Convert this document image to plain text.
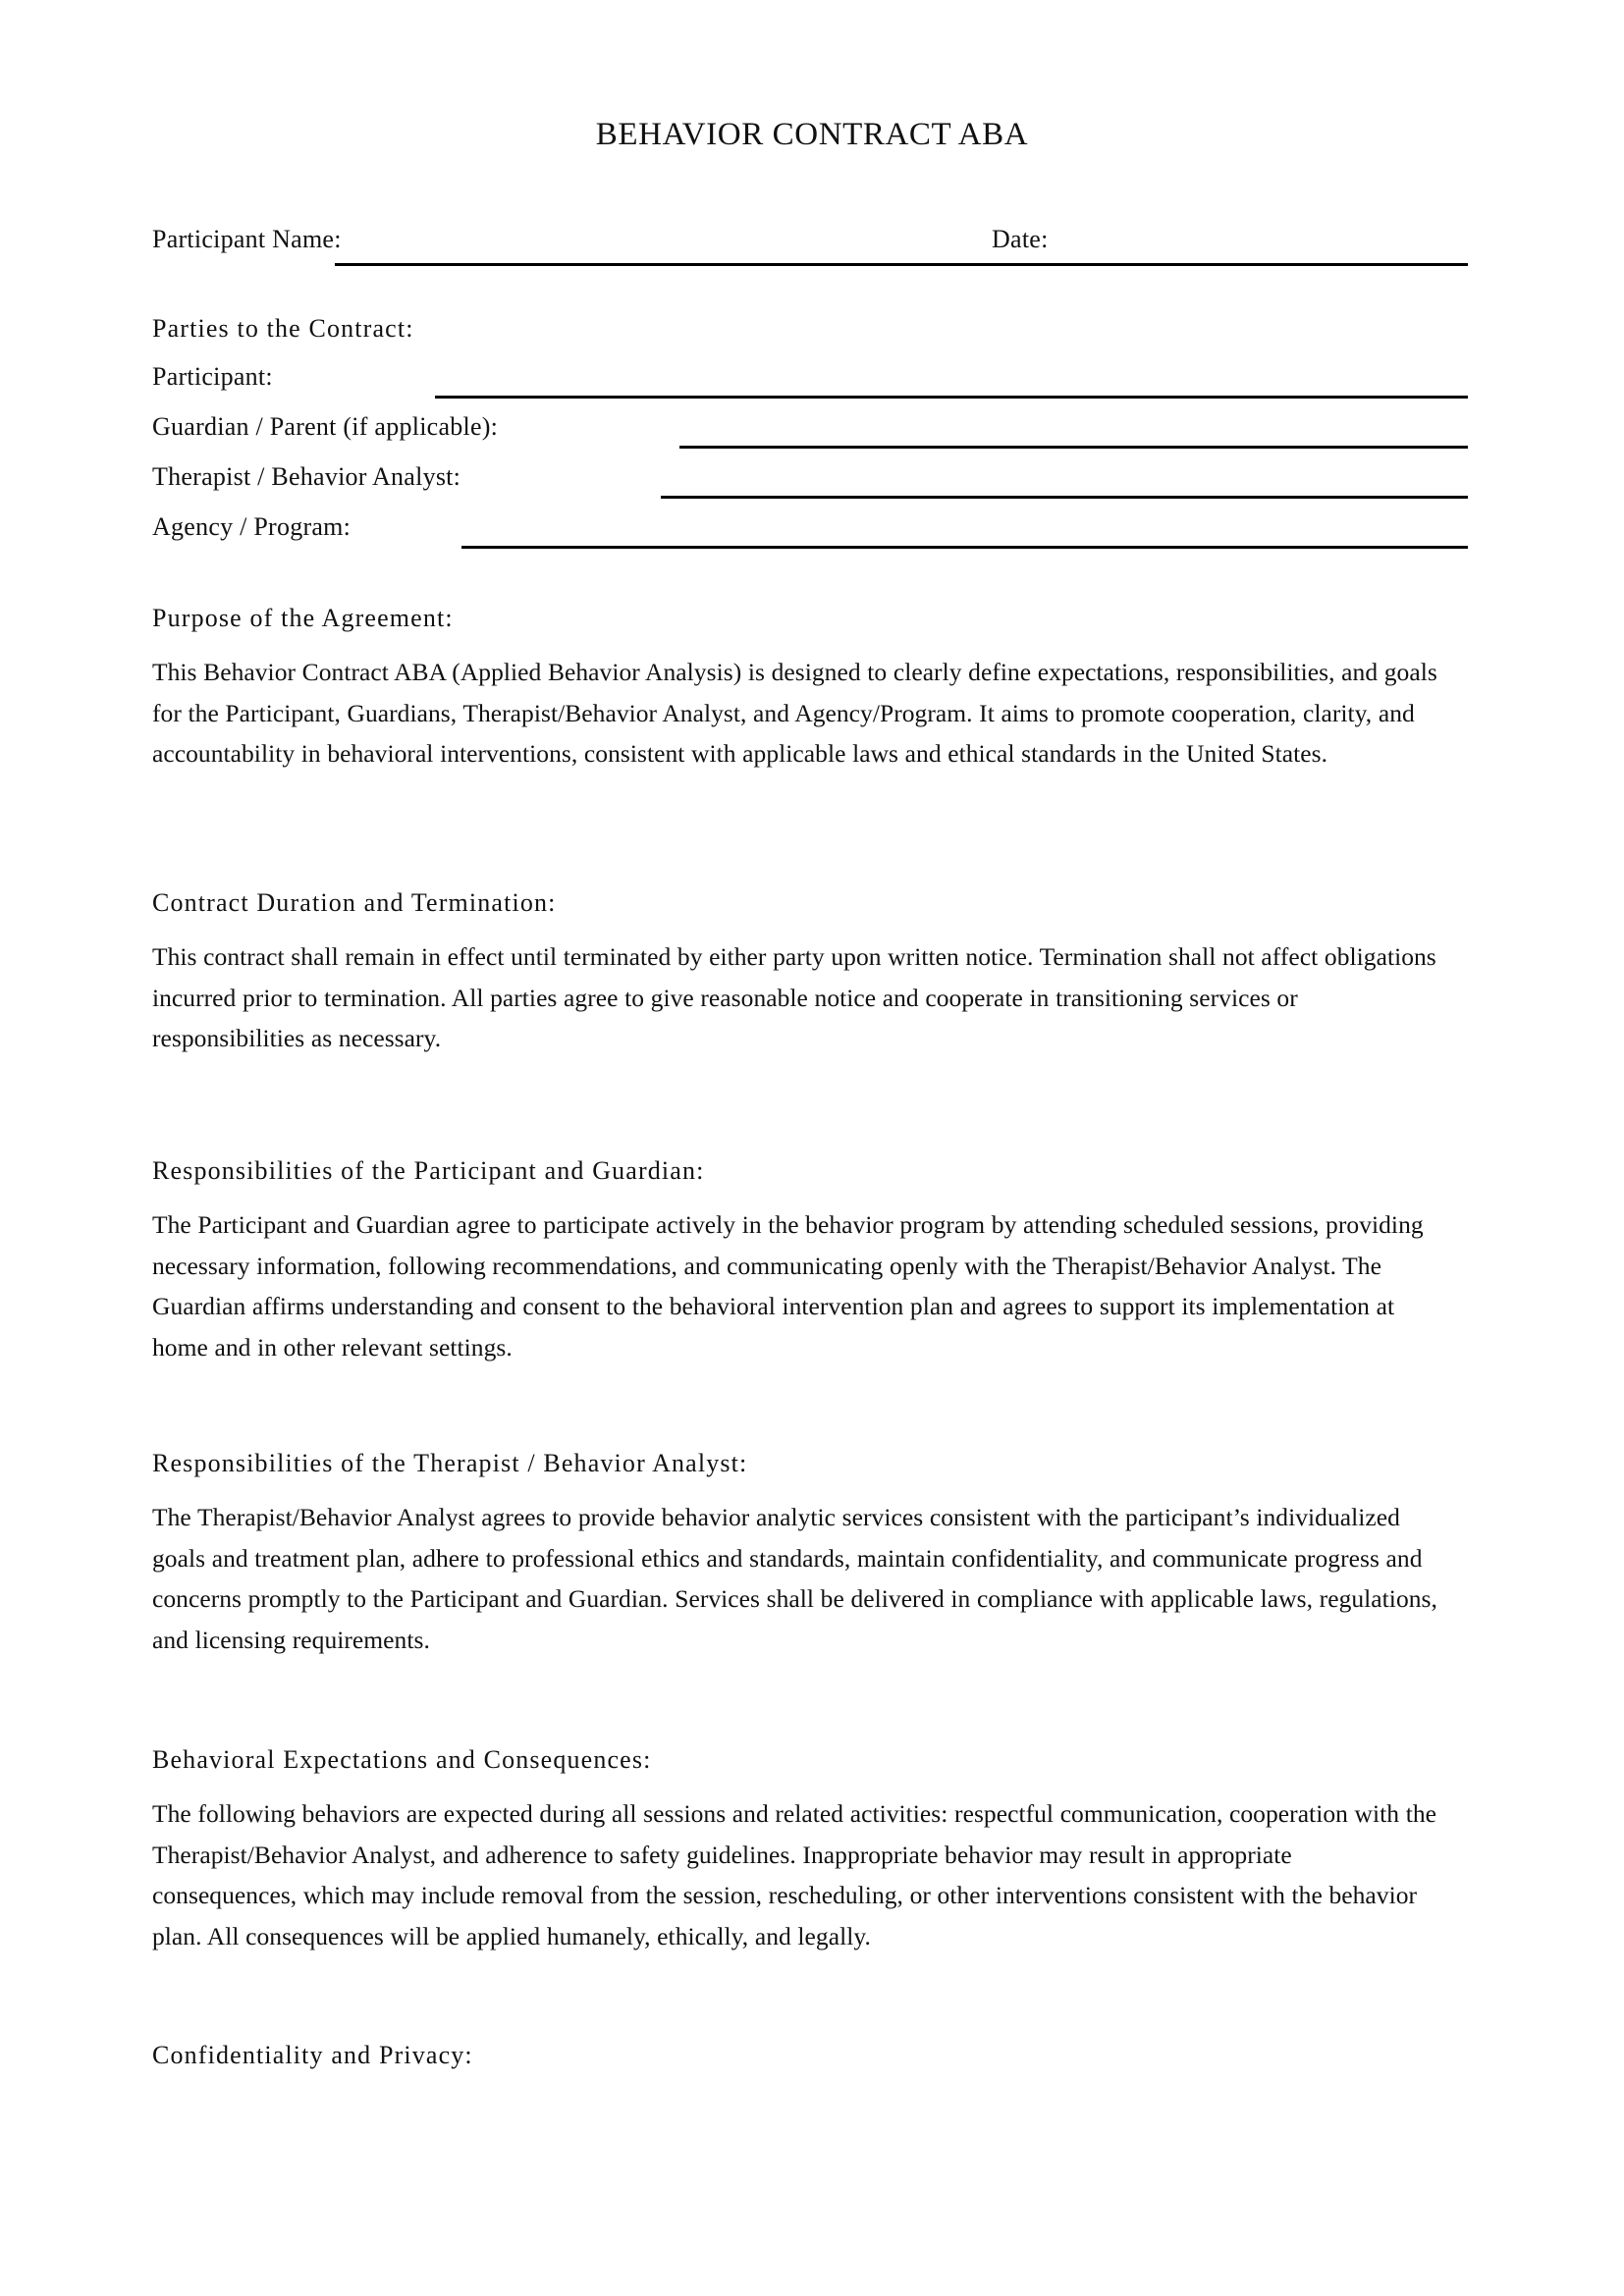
BEHAVIOR CONTRACT ABA
Participant Name:	Date:
Parties to the Contract:
Participant:
Guardian / Parent (if applicable):
Therapist / Behavior Analyst:
Agency / Program:
Purpose of the Agreement:
This Behavior Contract ABA (Applied Behavior Analysis) is designed to clearly define expectations, responsibilities, and goals for the Participant, Guardians, Therapist/Behavior Analyst, and Agency/Program. It aims to promote cooperation, clarity, and accountability in behavioral interventions, consistent with applicable laws and ethical standards in the United States.
Contract Duration and Termination:
This contract shall remain in effect until terminated by either party upon written notice. Termination shall not affect obligations incurred prior to termination. All parties agree to give reasonable notice and cooperate in transitioning services or responsibilities as necessary.
Responsibilities of the Participant and Guardian:
The Participant and Guardian agree to participate actively in the behavior program by attending scheduled sessions, providing necessary information, following recommendations, and communicating openly with the Therapist/Behavior Analyst. The Guardian affirms understanding and consent to the behavioral intervention plan and agrees to support its implementation at home and in other relevant settings.
Responsibilities of the Therapist / Behavior Analyst:
The Therapist/Behavior Analyst agrees to provide behavior analytic services consistent with the participant’s individualized goals and treatment plan, adhere to professional ethics and standards, maintain confidentiality, and communicate progress and concerns promptly to the Participant and Guardian. Services shall be delivered in compliance with applicable laws, regulations, and licensing requirements.
Behavioral Expectations and Consequences:
The following behaviors are expected during all sessions and related activities: respectful communication, cooperation with the Therapist/Behavior Analyst, and adherence to safety guidelines. Inappropriate behavior may result in appropriate consequences, which may include removal from the session, rescheduling, or other interventions consistent with the behavior plan. All consequences will be applied humanely, ethically, and legally.
Confidentiality and Privacy:
